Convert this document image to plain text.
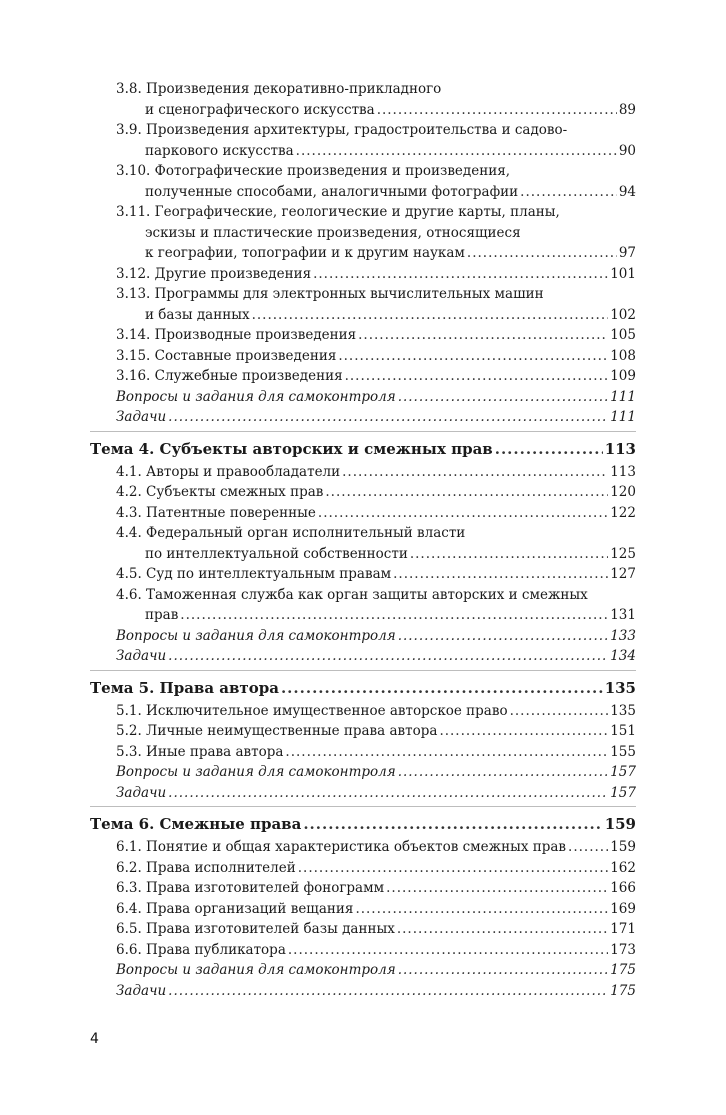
3.8. Произведения декоративно-прикладного
и сценографического искусства .....	89
3.9. Произведения архитектуры, градостроительства и садово-
паркового искусства .....	90
3.10. Фотографические произведения и произведения,
полученные способами, аналогичными фотографии .....	94
3.11. Географические, геологические и другие карты, планы,
эскизы и пластические произведения, относящиеся
к географии, топографии и к другим наукам .....	97
3.12. Другие произведения .....	101
3.13. Программы для электронных вычислительных машин
и базы данных .....	102
3.14. Производные произведения .....	105
3.15. Составные произведения .....	108
3.16. Служебные произведения .....	109
Вопросы и задания для самоконтроля .....	111
Задачи .....	111
Тема 4. Субъекты авторских и смежных прав .....	113
4.1. Авторы и правообладатели .....	113
4.2. Субъекты смежных прав .....	120
4.3. Патентные поверенные .....	122
4.4. Федеральный орган исполнительный власти
по интеллектуальной собственности .....	125
4.5. Суд по интеллектуальным правам .....	127
4.6. Таможенная служба как орган защиты авторских и смежных
прав .....	131
Вопросы и задания для самоконтроля .....	133
Задачи .....	134
Тема 5. Права автора .....	135
5.1. Исключительное имущественное авторское право .....	135
5.2. Личные неимущественные права автора .....	151
5.3. Иные права автора .....	155
Вопросы и задания для самоконтроля .....	157
Задачи .....	157
Тема 6. Смежные права .....	159
6.1. Понятие и общая характеристика объектов смежных прав .....	159
6.2. Права исполнителей .....	162
6.3. Права изготовителей фонограмм .....	166
6.4. Права организаций вещания .....	169
6.5. Права изготовителей базы данных .....	171
6.6. Права публикатора .....	173
Вопросы и задания для самоконтроля .....	175
Задачи .....	175
4
